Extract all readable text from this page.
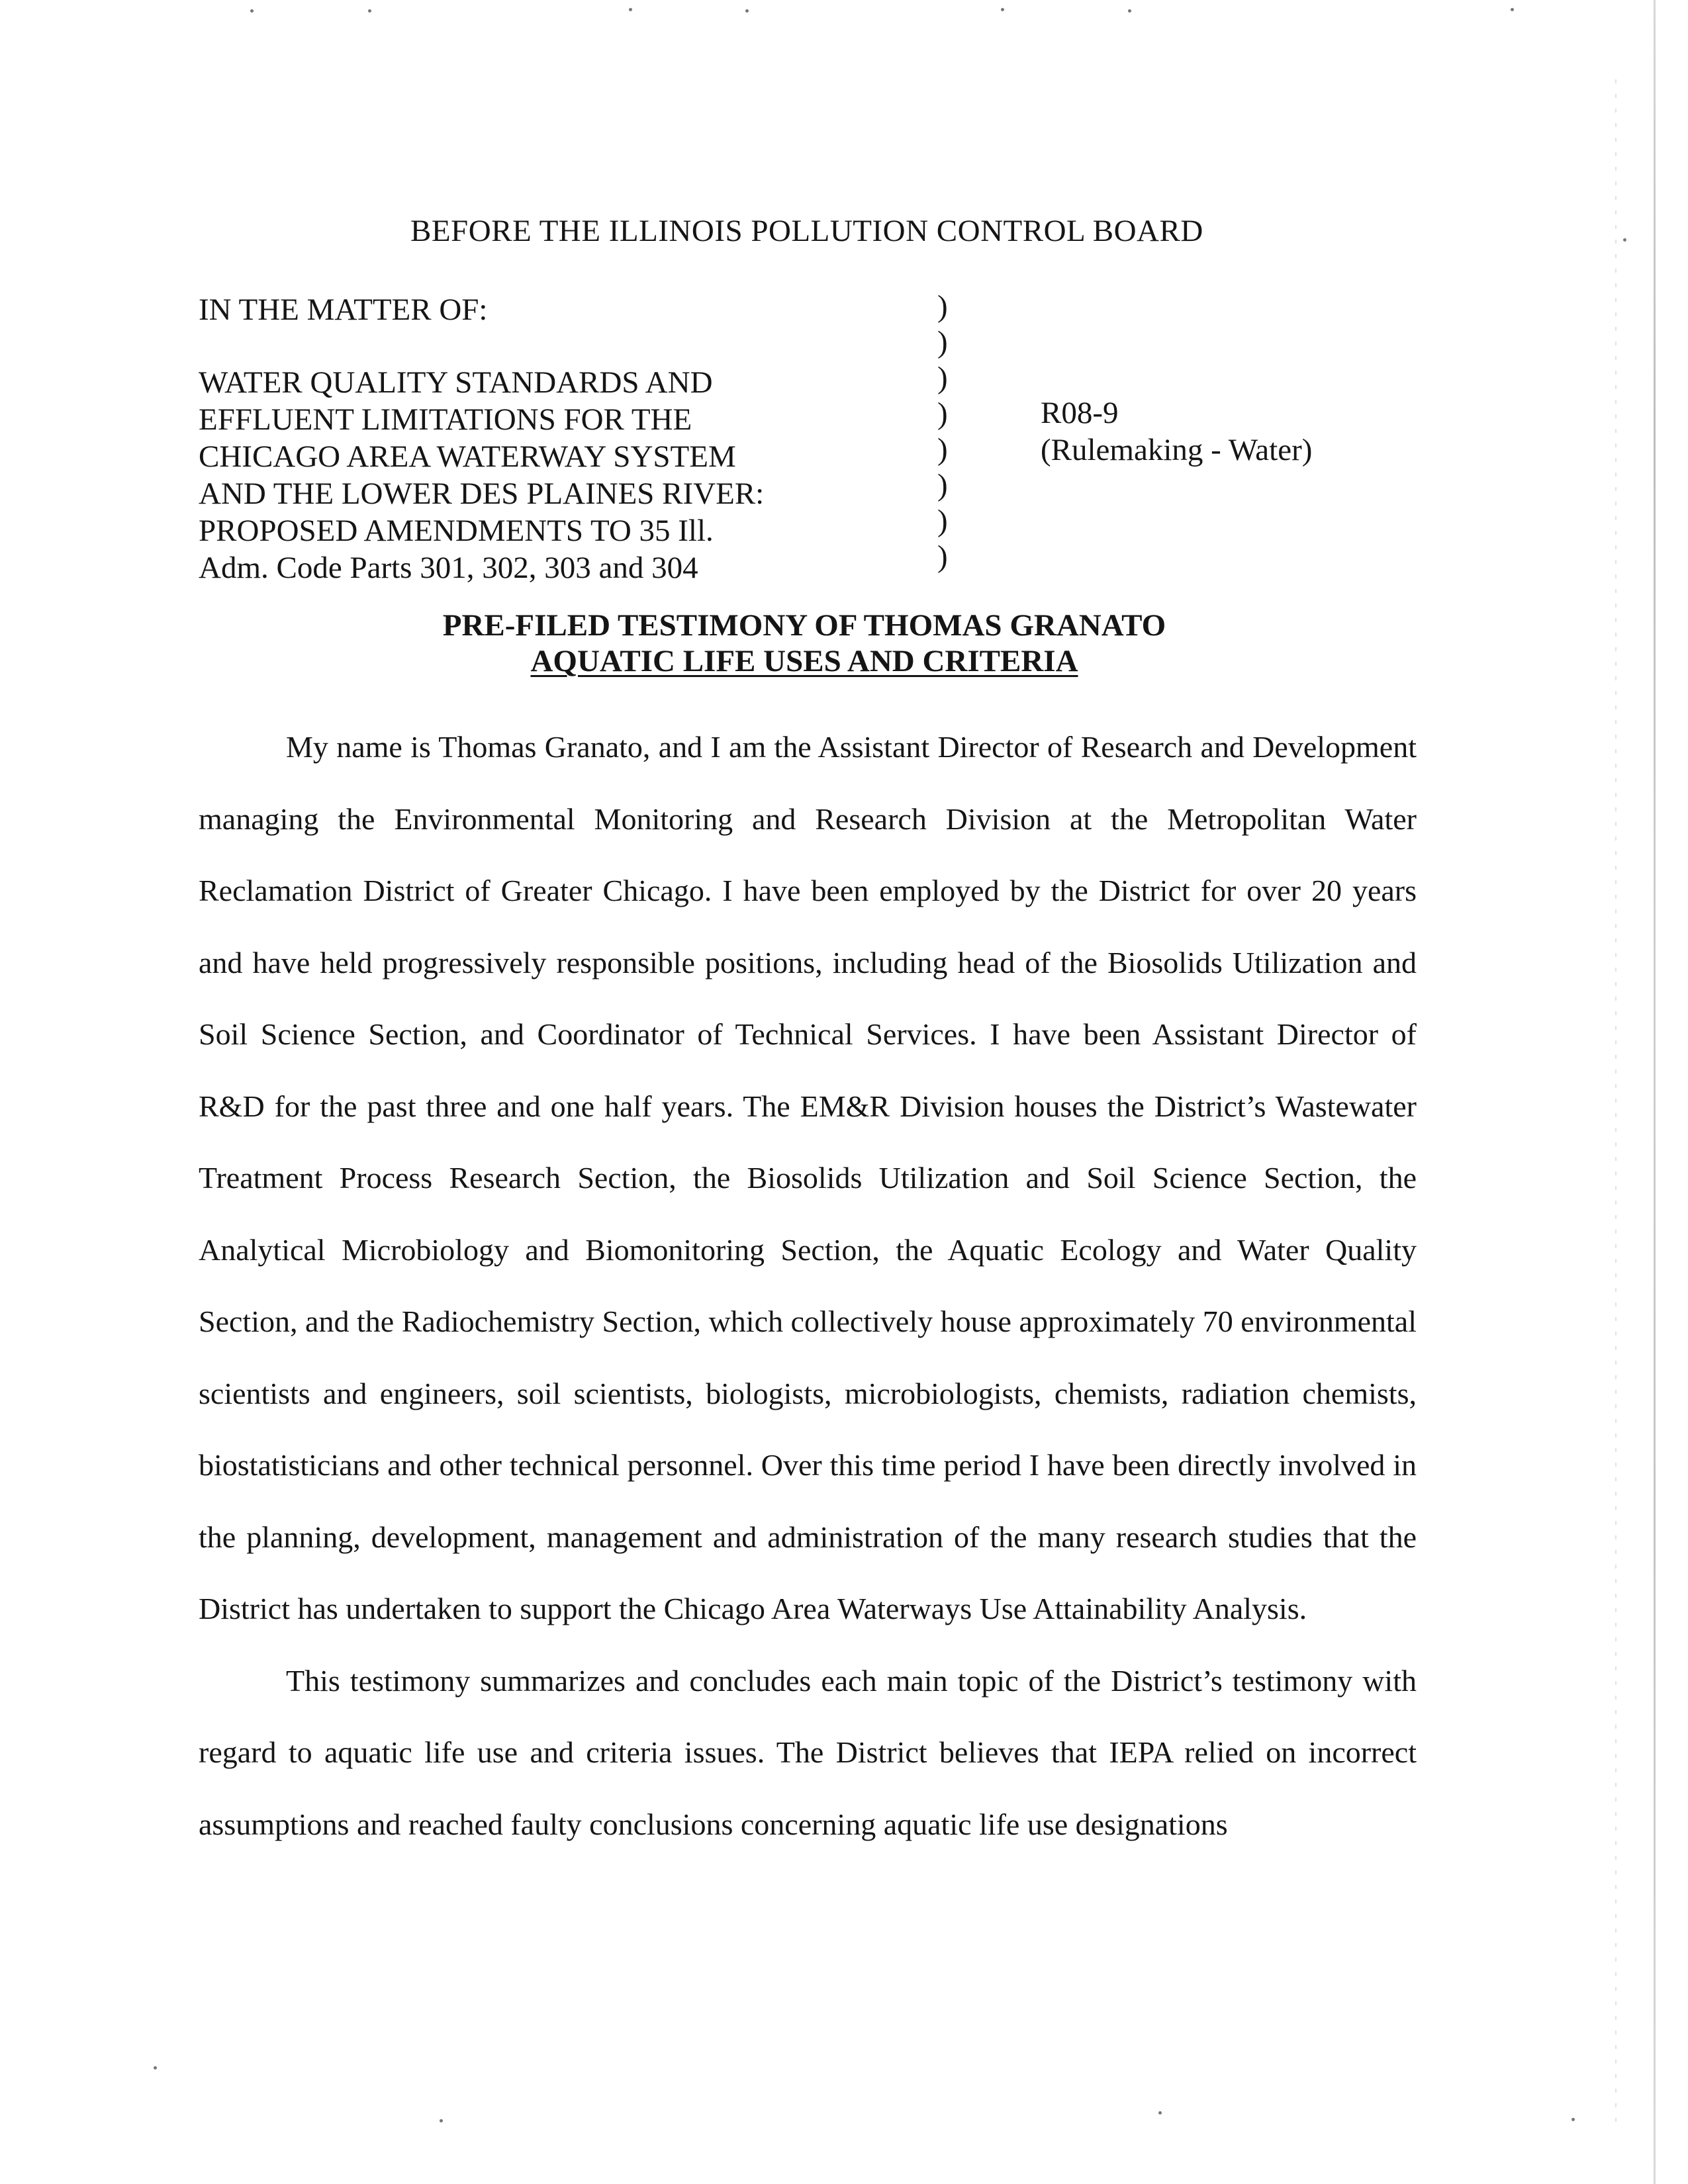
BEFORE THE ILLINOIS POLLUTION CONTROL BOARD
IN THE MATTER OF:
WATER QUALITY STANDARDS AND
EFFLUENT LIMITATIONS FOR THE
CHICAGO AREA WATERWAY SYSTEM
AND THE LOWER DES PLAINES RIVER:
PROPOSED AMENDMENTS TO 35 Ill.
Adm. Code Parts 301, 302, 303 and 304
)
)
)
)
)
)
)
)
R08-9
(Rulemaking - Water)
PRE-FILED TESTIMONY OF THOMAS GRANATO
AQUATIC LIFE USES AND CRITERIA

My name is Thomas Granato, and I am the Assistant Director of Research and Development managing the Environmental Monitoring and Research Division at the Metropolitan Water Reclamation District of Greater Chicago. I have been employed by the District for over 20 years and have held progressively responsible positions, including head of the Biosolids Utilization and Soil Science Section, and Coordinator of Technical Services. I have been Assistant Director of R&D for the past three and one half years. The EM&R Division houses the District’s Wastewater Treatment Process Research Section, the Biosolids Utilization and Soil Science Section, the Analytical Microbiology and Biomonitoring Section, the Aquatic Ecology and Water Quality Section, and the Radiochemistry Section, which collectively house approximately 70 environmental scientists and engineers, soil scientists, biologists, microbiologists, chemists, radiation chemists, biostatisticians and other technical personnel. Over this time period I have been directly involved in the planning, development, management and administration of the many research studies that the District has undertaken to support the Chicago Area Waterways Use Attainability Analysis.

This testimony summarizes and concludes each main topic of the District’s testimony with regard to aquatic life use and criteria issues. The District believes that IEPA relied on incorrect assumptions and reached faulty conclusions concerning aquatic life use designations
